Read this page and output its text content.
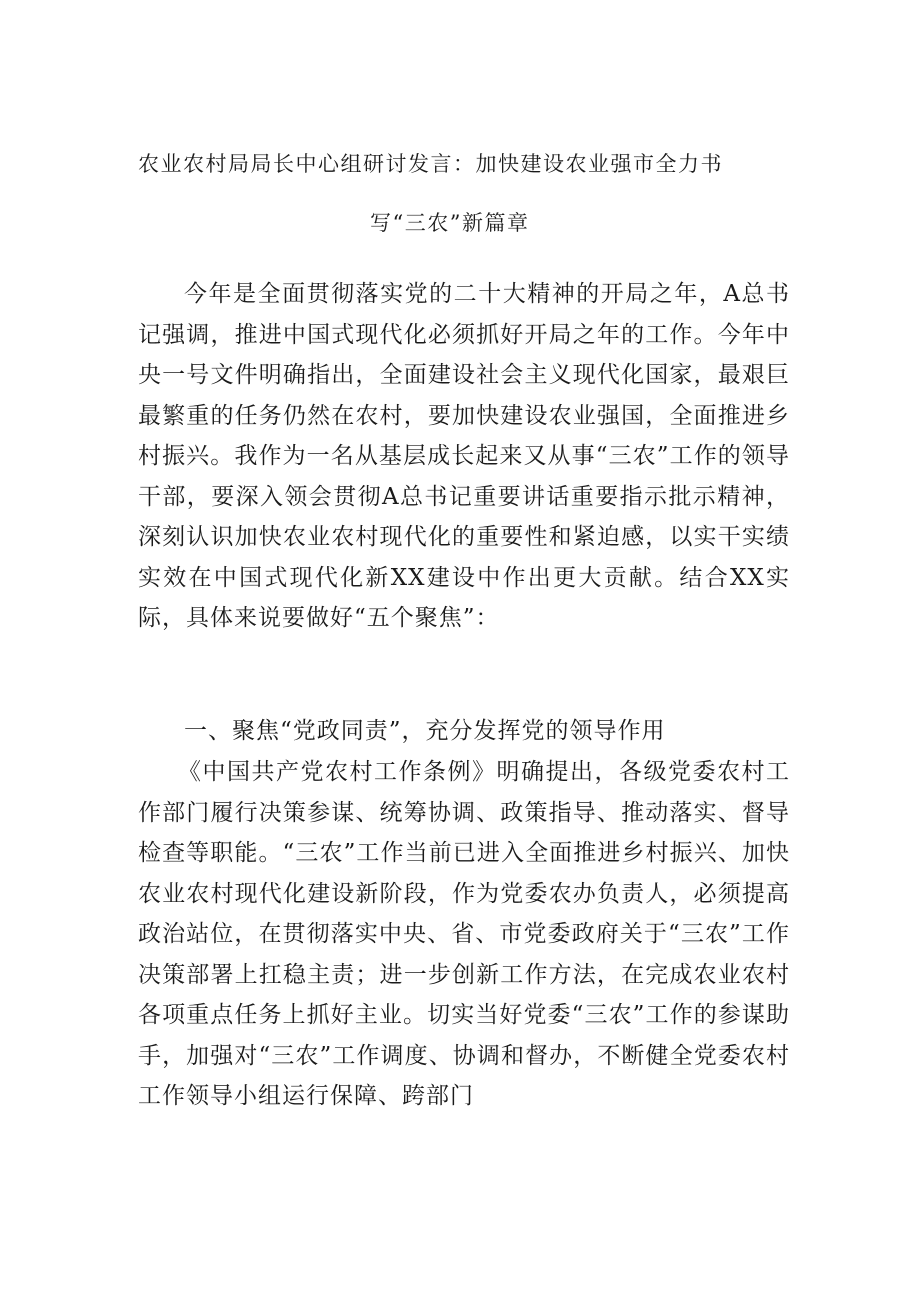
农业农村局局长中心组研讨发言：加快建设农业强市全力书
写“三农”新篇章

今年是全面贯彻落实党的二十大精神的开局之年，A总书记强调，推进中国式现代化必须抓好开局之年的工作。今年中央一号文件明确指出，全面建设社会主义现代化国家，最艰巨最繁重的任务仍然在农村，要加快建设农业强国，全面推进乡村振兴。我作为一名从基层成长起来又从事“三农”工作的领导干部，要深入领会贯彻A总书记重要讲话重要指示批示精神，深刻认识加快农业农村现代化的重要性和紧迫感，以实干实绩实效在中国式现代化新XX建设中作出更大贡献。结合XX实际，具体来说要做好“五个聚焦”：

一、聚焦“党政同责”，充分发挥党的领导作用

《中国共产党农村工作条例》明确提出，各级党委农村工作部门履行决策参谋、统筹协调、政策指导、推动落实、督导检查等职能。“三农”工作当前已进入全面推进乡村振兴、加快农业农村现代化建设新阶段，作为党委农办负责人，必须提高政治站位，在贯彻落实中央、省、市党委政府关于“三农”工作决策部署上扛稳主责；进一步创新工作方法，在完成农业农村各项重点任务上抓好主业。切实当好党委“三农”工作的参谋助手，加强对“三农”工作调度、协调和督办，不断健全党委农村工作领导小组运行保障、跨部门
